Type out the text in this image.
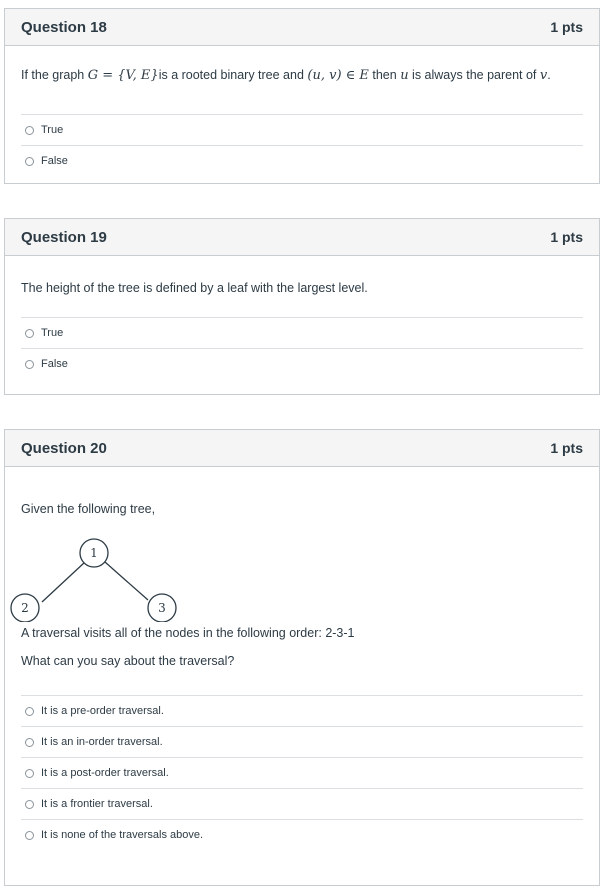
Question 18	1 pts
If the graph G = {V, E}is a rooted binary tree and (u, v) ∈ E then u is always the parent of v.
True
False
Question 19	1 pts
The height of the tree is defined by a leaf with the largest level.
True
False
Question 20	1 pts
Given the following tree,
1
2	3
A traversal visits all of the nodes in the following order: 2-3-1
What can you say about the traversal?
It is a pre-order traversal.
It is an in-order traversal.
It is a post-order traversal.
It is a frontier traversal.
It is none of the traversals above.
